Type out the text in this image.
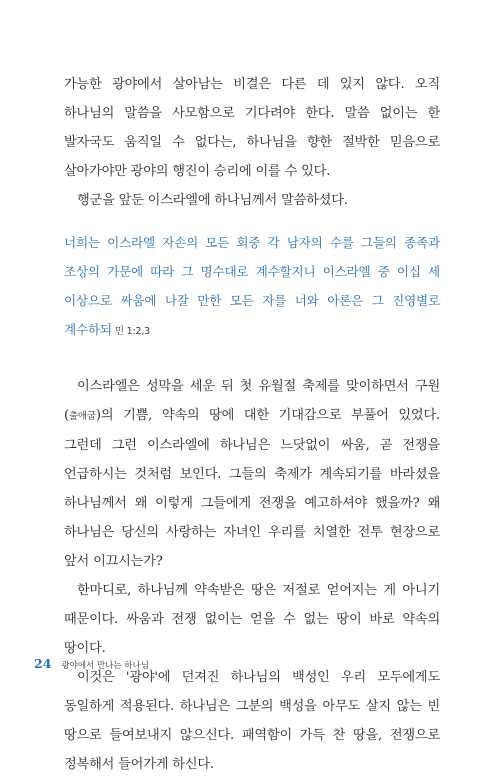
가능한 광야에서 살아남는 비결은 다른 데 있지 않다. 오직 하나님의 말씀을 사모함으로 기다려야 한다. 말씀 없이는 한 발자국도 움직일 수 없다는, 하나님을 향한 절박한 믿음으로 살아가야만 광야의 행진이 승리에 이를 수 있다.

행군을 앞둔 이스라엘에 하나님께서 말씀하셨다.

너희는 이스라엘 자손의 모든 회중 각 남자의 수를 그들의 종족과 조상의 가문에 따라 그 명수대로 계수할지니 이스라엘 중 이십 세 이상으로 싸움에 나갈 만한 모든 자를 너와 아론은 그 진영별로 계수하되 민 1:2,3

이스라엘은 성막을 세운 뒤 첫 유월절 축제를 맞이하면서 구원(출애굽)의 기쁨, 약속의 땅에 대한 기대감으로 부풀어 있었다. 그런데 그런 이스라엘에 하나님은 느닷없이 싸움, 곧 전쟁을 언급하시는 것처럼 보인다. 그들의 축제가 계속되기를 바라셨을 하나님께서 왜 이렇게 그들에게 전쟁을 예고하셔야 했을까? 왜 하나님은 당신의 사랑하는 자녀인 우리를 치열한 전투 현장으로 앞서 이끄시는가?

한마디로, 하나님께 약속받은 땅은 저절로 얻어지는 게 아니기 때문이다. 싸움과 전쟁 없이는 얻을 수 없는 땅이 바로 약속의 땅이다.

이것은 '광야'에 던져진 하나님의 백성인 우리 모두에게도 동일하게 적용된다. 하나님은 그분의 백성을 아무도 살지 않는 빈 땅으로 들여보내지 않으신다. 패역함이 가득 찬 땅을, 전쟁으로 정복해서 들어가게 하신다.

24 광야에서 만나는 하나님
